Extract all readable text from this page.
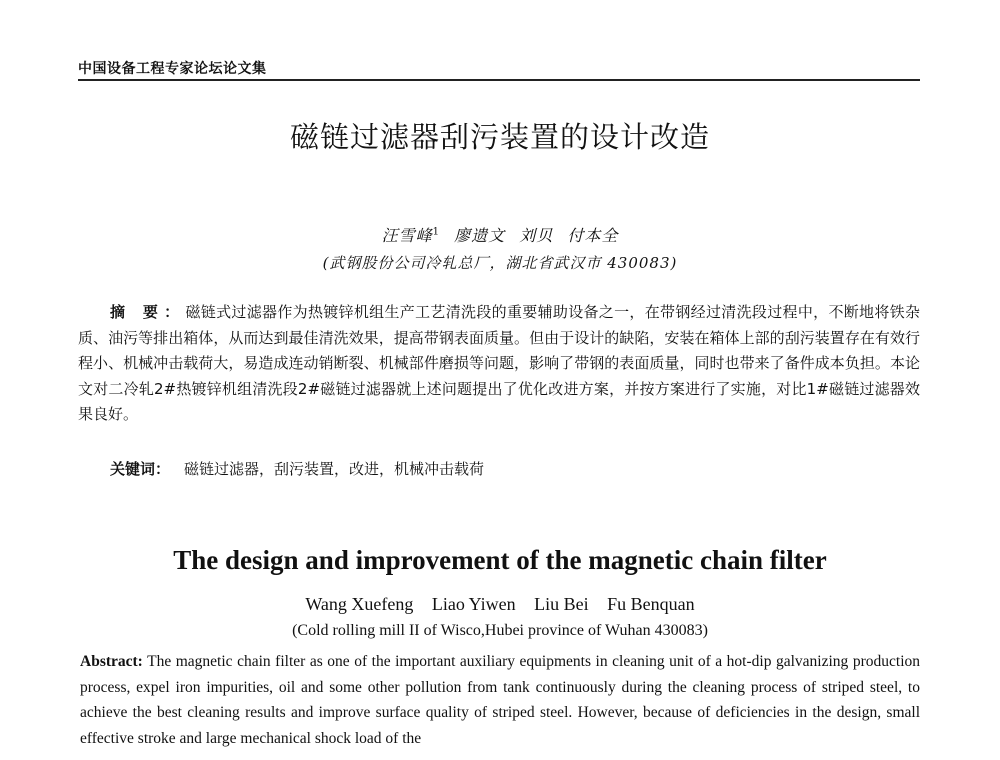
中国设备工程专家论坛论文集
磁链过滤器刮污装置的设计改造
汪雪峰$^1$ 廖遗文 刘贝 付本全
(武钢股份公司冷轧总厂，湖北省武汉市 430083)
摘 要：磁链式过滤器作为热镀锌机组生产工艺清洗段的重要辅助设备之一，在带钢经过清洗段过程中，不断地将铁杂质、油污等排出箱体，从而达到最佳清洗效果，提高带钢表面质量。但由于设计的缺陷，安装在箱体上部的刮污装置存在有效行程小、机械冲击载荷大，易造成连动销断裂、机械部件磨损等问题，影响了带钢的表面质量，同时也带来了备件成本负担。本论文对二冷轧2#热镀锌机组清洗段2#磁链过滤器就上述问题提出了优化改进方案，并按方案进行了实施，对比1#磁链过滤器效果良好。
关键词： 磁链过滤器，刮污装置，改进，机械冲击载荷
The design and improvement of the magnetic chain filter
Wang Xuefeng Liao Yiwen Liu Bei Fu Benquan
(Cold rolling mill II of Wisco,Hubei province of Wuhan 430083)
Abstract: The magnetic chain filter as one of the important auxiliary equipments in cleaning unit of a hot-dip galvanizing production process, expel iron impurities, oil and some other pollution from tank continuously during the cleaning process of striped steel, to achieve the best cleaning results and improve surface quality of striped steel. However, because of deficiencies in the design, small effective stroke and large mechanical shock load of the
